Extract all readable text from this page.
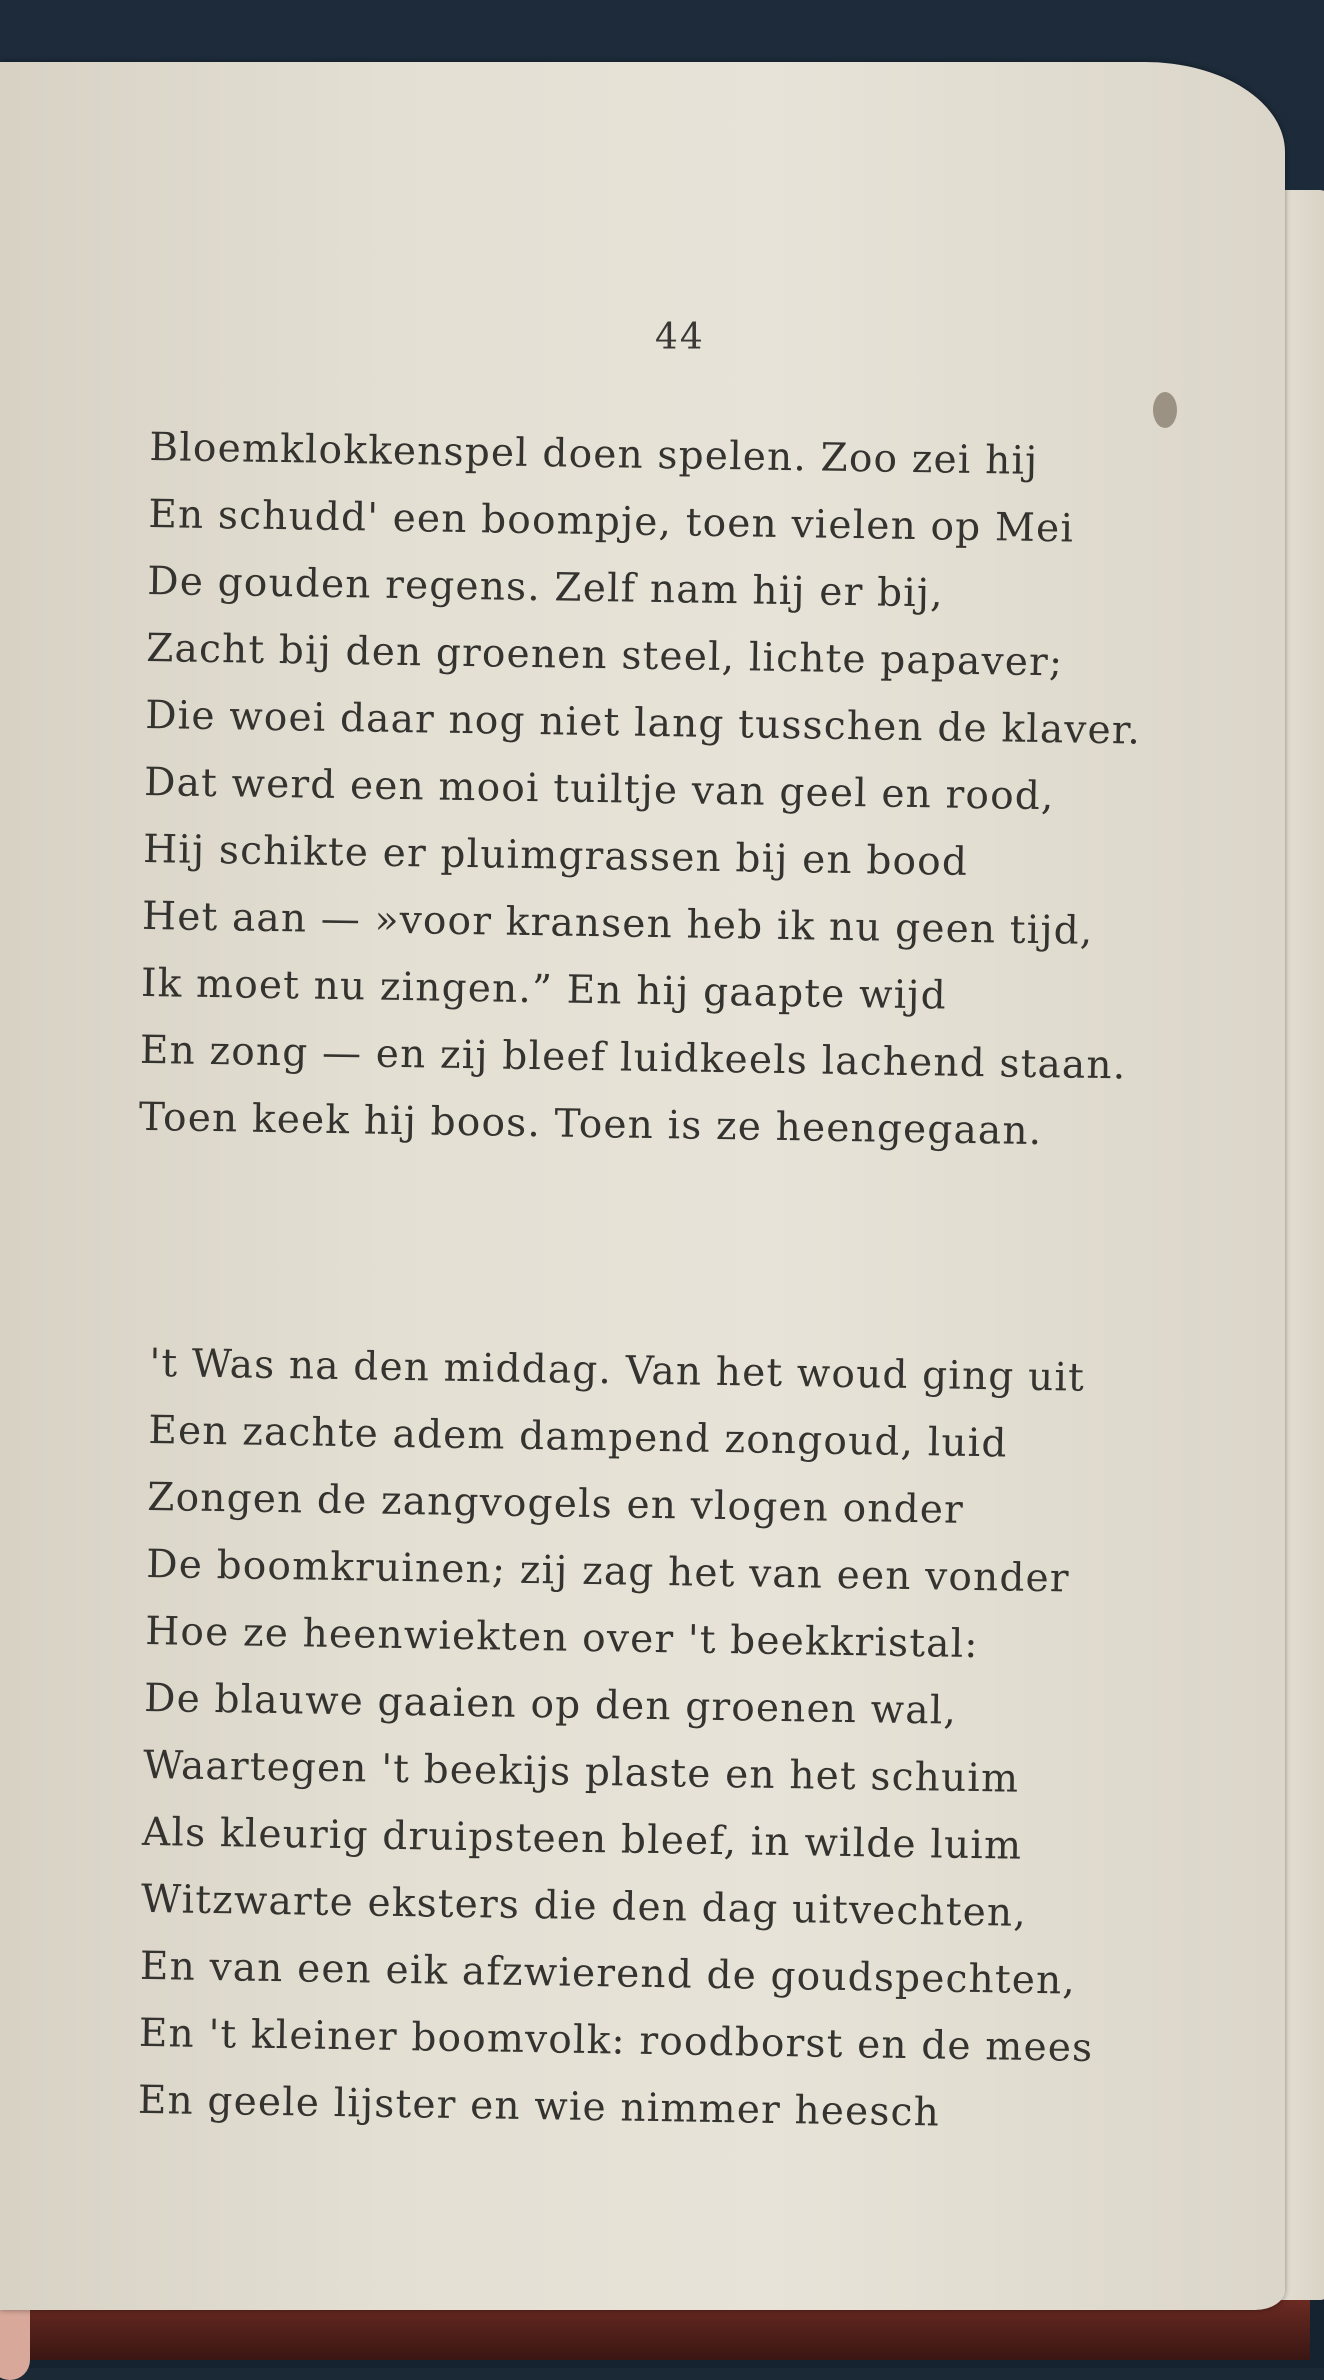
44
Bloemklokkenspel doen spelen. Zoo zei hij
En schudd' een boompje, toen vielen op Mei
De gouden regens. Zelf nam hij er bij,
Zacht bij den groenen steel, lichte papaver;
Die woei daar nog niet lang tusschen de klaver.
Dat werd een mooi tuiltje van geel en rood,
Hij schikte er pluimgrassen bij en bood
Het aan — »voor kransen heb ik nu geen tijd,
Ik moet nu zingen.” En hij gaapte wijd
En zong — en zij bleef luidkeels lachend staan.
Toen keek hij boos. Toen is ze heengegaan.
't Was na den middag. Van het woud ging uit
Een zachte adem dampend zongoud, luid
Zongen de zangvogels en vlogen onder
De boomkruinen; zij zag het van een vonder
Hoe ze heenwiekten over 't beekkristal:
De blauwe gaaien op den groenen wal,
Waartegen 't beekijs plaste en het schuim
Als kleurig druipsteen bleef, in wilde luim
Witzwarte eksters die den dag uitvechten,
En van een eik afzwierend de goudspechten,
En 't kleiner boomvolk: roodborst en de mees
En geele lijster en wie nimmer heesch
